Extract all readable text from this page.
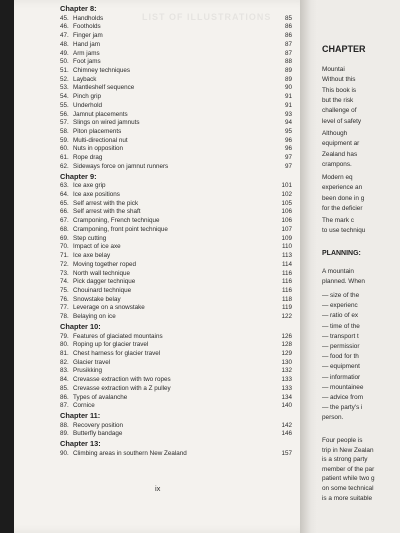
LIST OF ILLUSTRATIONS
Chapter 8:
45. Handholds	85
46. Footholds	86
47. Finger jam	86
48. Hand jam	87
49. Arm jams	87
50. Foot jams	88
51. Chimney techniques	89
52. Layback	89
53. Mantleshelf sequence	90
54. Pinch grip	91
55. Underhold	91
56. Jamnut placements	93
57. Slings on wired jamnuts	94
58. Piton placements	95
59. Multi-directional nut	96
60. Nuts in opposition	96
61. Rope drag	97
62. Sideways force on jamnut runners	97
Chapter 9:
63. Ice axe grip	101
64. Ice axe positions	102
65. Self arrest with the pick	105
66. Self arrest with the shaft	106
67. Cramponing, French technique	106
68. Cramponing, front point technique	107
69. Step cutting	109
70. Impact of ice axe	110
71. Ice axe belay	113
72. Moving together roped	114
73. North wall technique	116
74. Pick dagger technique	116
75. Chouinard technique	116
76. Snowstake belay	118
77. Leverage on a snowstake	119
78. Belaying on ice	122
Chapter 10:
79. Features of glaciated mountains	126
80. Roping up for glacier travel	128
81. Chest harness for glacier travel	129
82. Glacier travel	130
83. Prusikking	132
84. Crevasse extraction with two ropes	133
85. Crevasse extraction with a Z pulley	133
86. Types of avalanche	134
87. Cornice	140
Chapter 11:
88. Recovery position	142
89. Butterfly bandage	146
Chapter 13:
90. Climbing areas in southern New Zealand	157
ix
CHAPTER
Mountai
Without this
This book is
but the risk
challenge of
level of safety
Although
equipment ar
Zealand has
crampons.
Modern eq
experience an
been done in g
for the deficier
The mark c
to use techniqu
PLANNING:
A mountain
planned. When
— size of the
— experienc
— ratio of ex
— time of the
— transport t
— permissior
— food for th
— equipment
— informatior
— mountainee
— advice from
— the party's i
person.
Four people is
trip in New Zealan
is a strong party
member of the par
patient while two g
on some technical
is a more suitable
